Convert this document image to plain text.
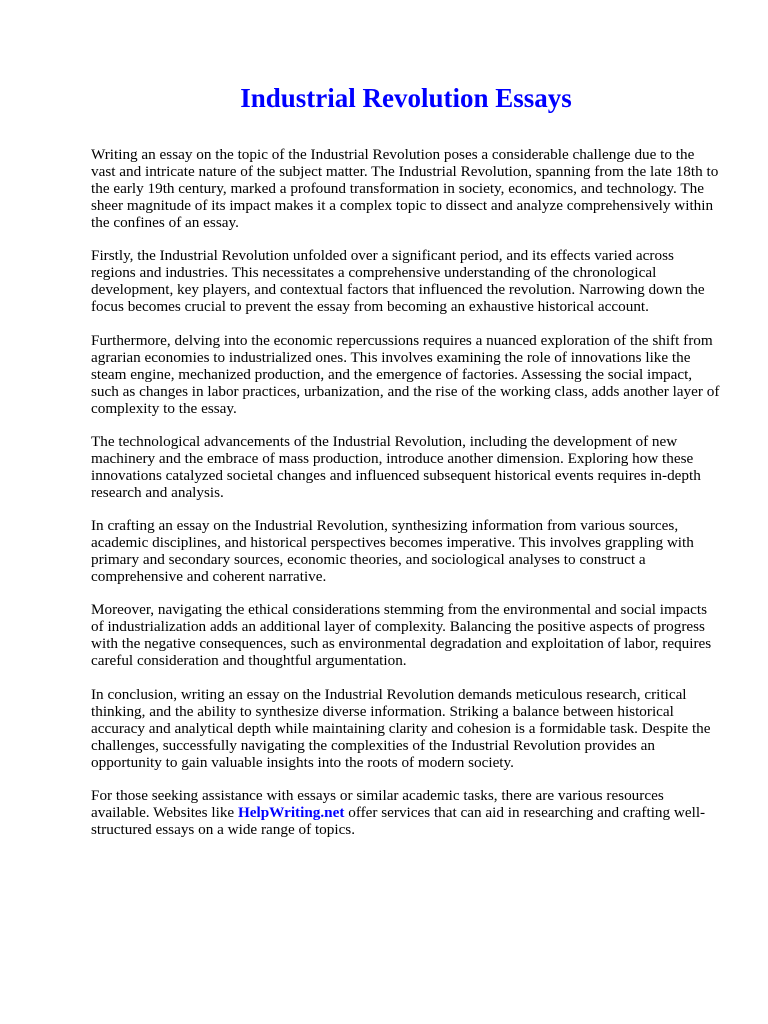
Industrial Revolution Essays

Writing an essay on the topic of the Industrial Revolution poses a considerable challenge due to the vast and intricate nature of the subject matter. The Industrial Revolution, spanning from the late 18th to the early 19th century, marked a profound transformation in society, economics, and technology. The sheer magnitude of its impact makes it a complex topic to dissect and analyze comprehensively within the confines of an essay.

Firstly, the Industrial Revolution unfolded over a significant period, and its effects varied across regions and industries. This necessitates a comprehensive understanding of the chronological development, key players, and contextual factors that influenced the revolution. Narrowing down the focus becomes crucial to prevent the essay from becoming an exhaustive historical account.

Furthermore, delving into the economic repercussions requires a nuanced exploration of the shift from agrarian economies to industrialized ones. This involves examining the role of innovations like the steam engine, mechanized production, and the emergence of factories. Assessing the social impact, such as changes in labor practices, urbanization, and the rise of the working class, adds another layer of complexity to the essay.

The technological advancements of the Industrial Revolution, including the development of new machinery and the embrace of mass production, introduce another dimension. Exploring how these innovations catalyzed societal changes and influenced subsequent historical events requires in-depth research and analysis.

In crafting an essay on the Industrial Revolution, synthesizing information from various sources, academic disciplines, and historical perspectives becomes imperative. This involves grappling with primary and secondary sources, economic theories, and sociological analyses to construct a comprehensive and coherent narrative.

Moreover, navigating the ethical considerations stemming from the environmental and social impacts of industrialization adds an additional layer of complexity. Balancing the positive aspects of progress with the negative consequences, such as environmental degradation and exploitation of labor, requires careful consideration and thoughtful argumentation.

In conclusion, writing an essay on the Industrial Revolution demands meticulous research, critical thinking, and the ability to synthesize diverse information. Striking a balance between historical accuracy and analytical depth while maintaining clarity and cohesion is a formidable task. Despite the challenges, successfully navigating the complexities of the Industrial Revolution provides an opportunity to gain valuable insights into the roots of modern society.

For those seeking assistance with essays or similar academic tasks, there are various resources available. Websites like HelpWriting.net offer services that can aid in researching and crafting well-structured essays on a wide range of topics.
